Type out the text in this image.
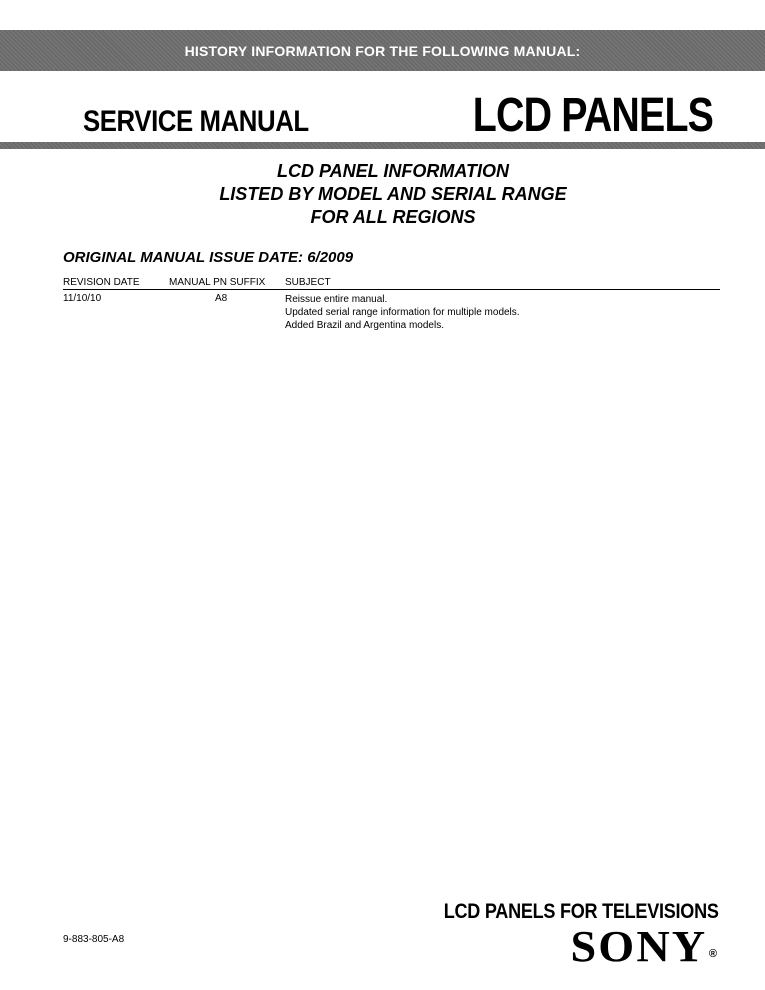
HISTORY INFORMATION FOR THE FOLLOWING MANUAL:
SERVICE MANUAL	LCD PANELS
LCD PANEL INFORMATION
LISTED BY MODEL AND SERIAL RANGE
FOR ALL REGIONS
ORIGINAL MANUAL ISSUE DATE: 6/2009
REVISION DATE	MANUAL PN SUFFIX	SUBJECT
11/10/10	A8	Reissue entire manual.
Updated serial range information for multiple models.
Added Brazil and Argentina models.
9-883-805-A8
LCD PANELS FOR TELEVISIONS
SONY ®
